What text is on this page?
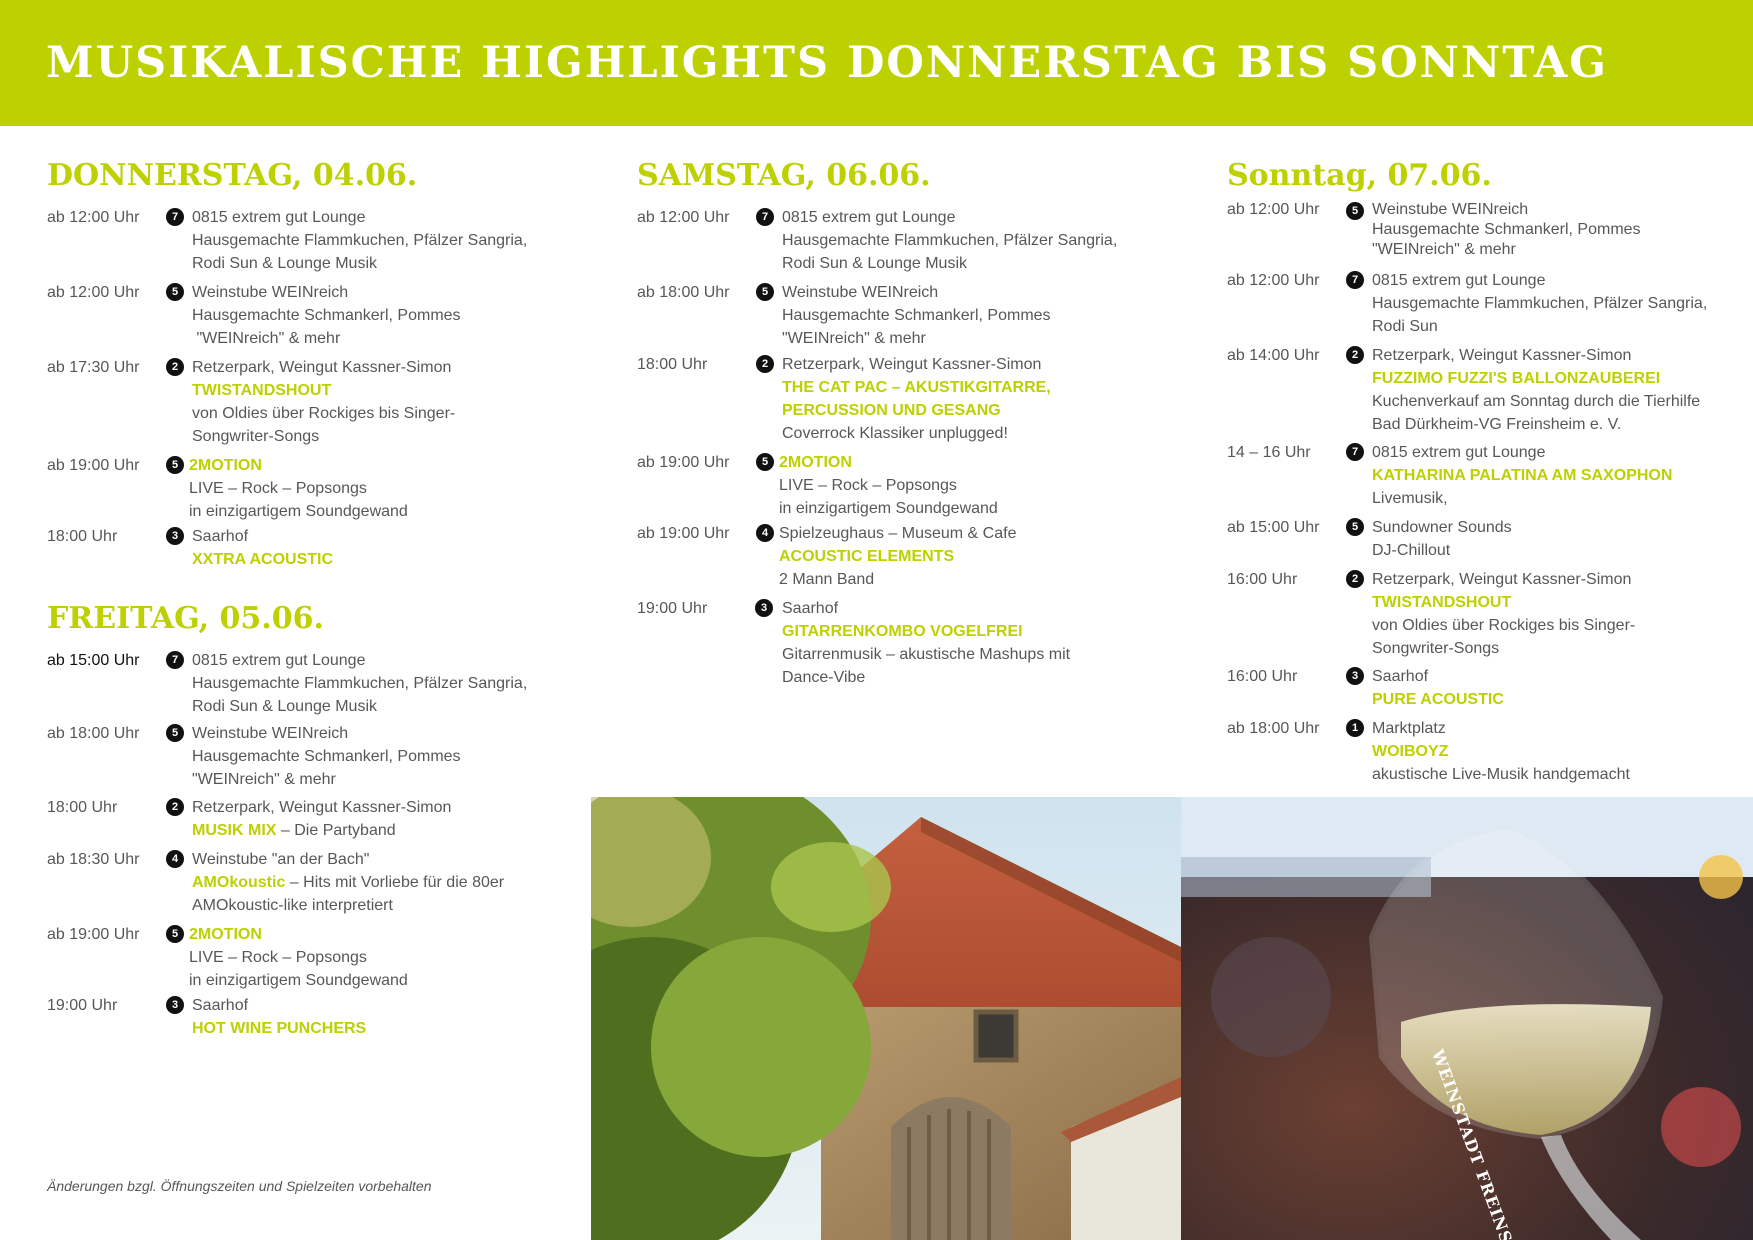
MUSIKALISCHE HIGHLIGHTS DONNERSTAG BIS SONNTAG
DONNERSTAG, 04.06.
ab 12:00 Uhr	7 0815 extrem gut Lounge
Hausgemachte Flammkuchen, Pfälzer Sangria,
Rodi Sun & Lounge Musik
ab 12:00 Uhr	5 Weinstube WEINreich
Hausgemachte Schmankerl, Pommes
"WEINreich" & mehr
ab 17:30 Uhr	2 Retzerpark, Weingut Kassner-Simon
TWISTANDSHOUT
von Oldies über Rockiges bis Singer-
Songwriter-Songs
ab 19:00 Uhr	5 2MOTION
LIVE – Rock – Popsongs
in einzigartigem Soundgewand
18:00 Uhr	3 Saarhof
XXTRA ACOUSTIC
FREITAG, 05.06.
ab 15:00 Uhr	7 0815 extrem gut Lounge
Hausgemachte Flammkuchen, Pfälzer Sangria,
Rodi Sun & Lounge Musik
ab 18:00 Uhr	5 Weinstube WEINreich
Hausgemachte Schmankerl, Pommes
"WEINreich" & mehr
18:00 Uhr	2 Retzerpark, Weingut Kassner-Simon
MUSIK MIX – Die Partyband
ab 18:30 Uhr	4 Weinstube "an der Bach"
AMOkoustic – Hits mit Vorliebe für die 80er
AMOkoustic-like interpretiert
ab 19:00 Uhr	5 2MOTION
LIVE – Rock – Popsongs
in einzigartigem Soundgewand
19:00 Uhr	3 Saarhof
HOT WINE PUNCHERS
SAMSTAG, 06.06.
ab 12:00 Uhr	7 0815 extrem gut Lounge
Hausgemachte Flammkuchen, Pfälzer Sangria,
Rodi Sun & Lounge Musik
ab 18:00 Uhr	5 Weinstube WEINreich
Hausgemachte Schmankerl, Pommes
"WEINreich" & mehr
18:00 Uhr	2 Retzerpark, Weingut Kassner-Simon
THE CAT PAC – AKUSTIKGITARRE,
PERCUSSION UND GESANG
Coverrock Klassiker unplugged!
ab 19:00 Uhr	5 2MOTION
LIVE – Rock – Popsongs
in einzigartigem Soundgewand
ab 19:00 Uhr	4 Spielzeughaus – Museum & Cafe
ACOUSTIC ELEMENTS
2 Mann Band
19:00 Uhr	3 Saarhof
GITARRENKOMBO VOGELFREI
Gitarrenmusik – akustische Mashups mit
Dance-Vibe
Sonntag, 07.06.
ab 12:00 Uhr	5 Weinstube WEINreich
Hausgemachte Schmankerl, Pommes
"WEINreich" & mehr
ab 12:00 Uhr	7 0815 extrem gut Lounge
Hausgemachte Flammkuchen, Pfälzer Sangria,
Rodi Sun
ab 14:00 Uhr	2 Retzerpark, Weingut Kassner-Simon
FUZZIMO FUZZI'S BALLONZAUBEREI
Kuchenverkauf am Sonntag durch die Tierhilfe
Bad Dürkheim-VG Freinsheim e. V.
14 – 16 Uhr	7 0815 extrem gut Lounge
KATHARINA PALATINA AM SAXOPHON
Livemusik,
ab 15:00 Uhr	5 Sundowner Sounds
DJ-Chillout
16:00 Uhr	2 Retzerpark, Weingut Kassner-Simon
TWISTANDSHOUT
von Oldies über Rockiges bis Singer-
Songwriter-Songs
16:00 Uhr	3 Saarhof
PURE ACOUSTIC
ab 18:00 Uhr	1 Marktplatz
WOIBOYZ
akustische Live-Musik handgemacht
Änderungen bzgl. Öffnungszeiten und Spielzeiten vorbehalten
